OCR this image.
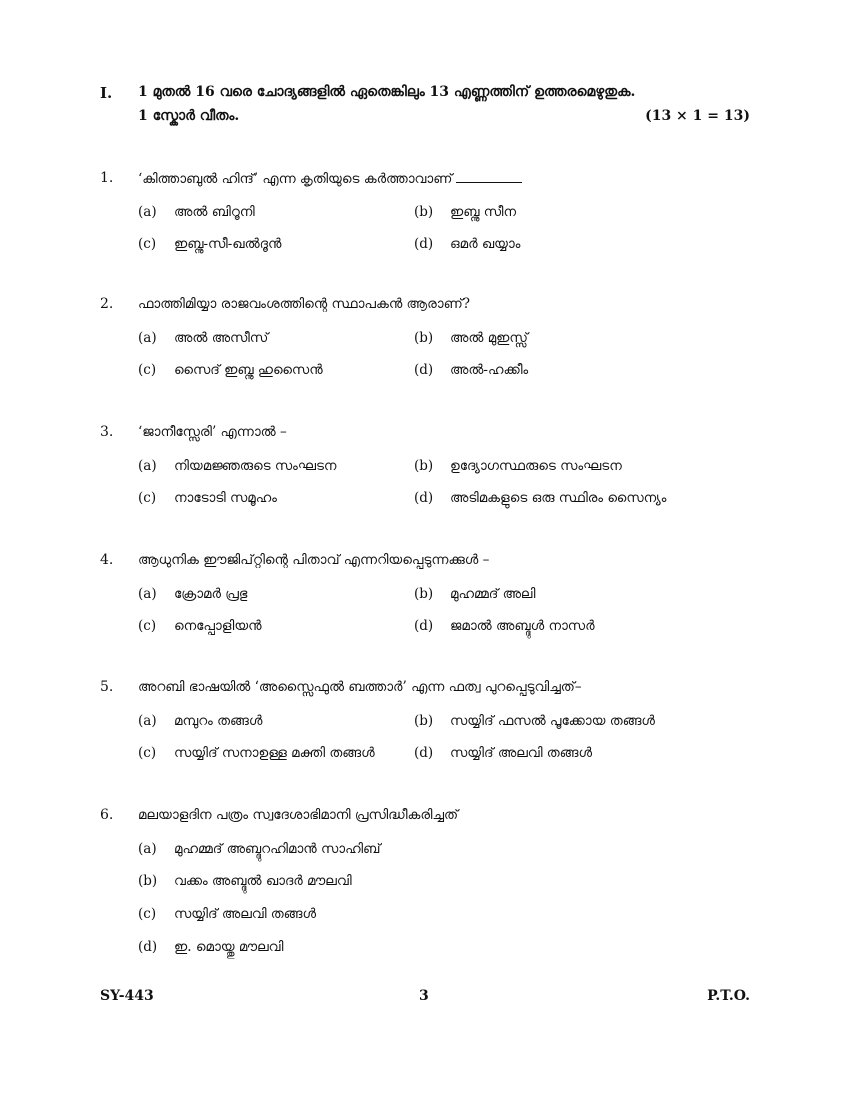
I. 1 മുതൽ 16 വരെ ചോദ്യങ്ങളിൽ ഏതെങ്കിലും 13 എണ്ണത്തിന് ഉത്തരമെഴുതുക.
1 സ്കോർ വീതം.	(13 × 1 = 13)
1. ‘കിത്താബുൽ ഹിന്ദ്’ എന്ന കൃതിയുടെ കർത്താവാണ്
(a) അൽ ബിറൂനി	(b) ഇബ്നു സീന
(c) ഇബ്നു-സീ-ഖൽദൂൻ	(d) ഒമർ ഖയ്യാം
2. ഫാത്തിമിയ്യാ രാജവംശത്തിന്റെ സ്ഥാപകൻ ആരാണ്?
(a) അൽ അസീസ്	(b) അൽ മുഇസ്സ്
(c) സൈദ് ഇബ്നു ഹുസൈൻ	(d) അൽ-ഹക്കീം
3. ‘ജാനീസ്സേരി’ എന്നാൽ –
(a) നിയമജ്ഞരുടെ സംഘടന	(b) ഉദ്യോഗസ്ഥരുടെ സംഘടന
(c) നാടോടി സമൂഹം	(d) അടിമകളുടെ ഒരു സ്ഥിരം സൈന്യം
4. ആധുനിക ഈജിപ്റ്റിന്റെ പിതാവ് എന്നറിയപ്പെടുന്നക്കുൾ –
(a) ക്രോമർ പ്രഭു	(b) മുഹമ്മദ് അലി
(c) നെപ്പോളിയൻ	(d) ജമാൽ അബ്ദുൾ നാസർ
5. അറബി ഭാഷയിൽ ‘അസ്സൈഫുൽ ബത്താർ’ എന്ന ഫത്വ പുറപ്പെടുവിച്ചത്–
(a) മമ്പുറം തങ്ങൾ	(b) സയ്യിദ് ഫസൽ പൂക്കോയ തങ്ങൾ
(c) സയ്യിദ് സനാഉള്ള മക്തി തങ്ങൾ	(d) സയ്യിദ് അലവി തങ്ങൾ
6. മലയാളദിന പത്രം സ്വദേശാഭിമാനി പ്രസിദ്ധീകരിച്ചത്
(a) മുഹമ്മദ് അബ്ദുറഹിമാൻ സാഹിബ്
(b) വക്കം അബ്ദുൽ ഖാദർ മൗലവി
(c) സയ്യിദ് അലവി തങ്ങൾ
(d) ഇ. മൊയ്തു മൗലവി
SY-443	3	P.T.O.
